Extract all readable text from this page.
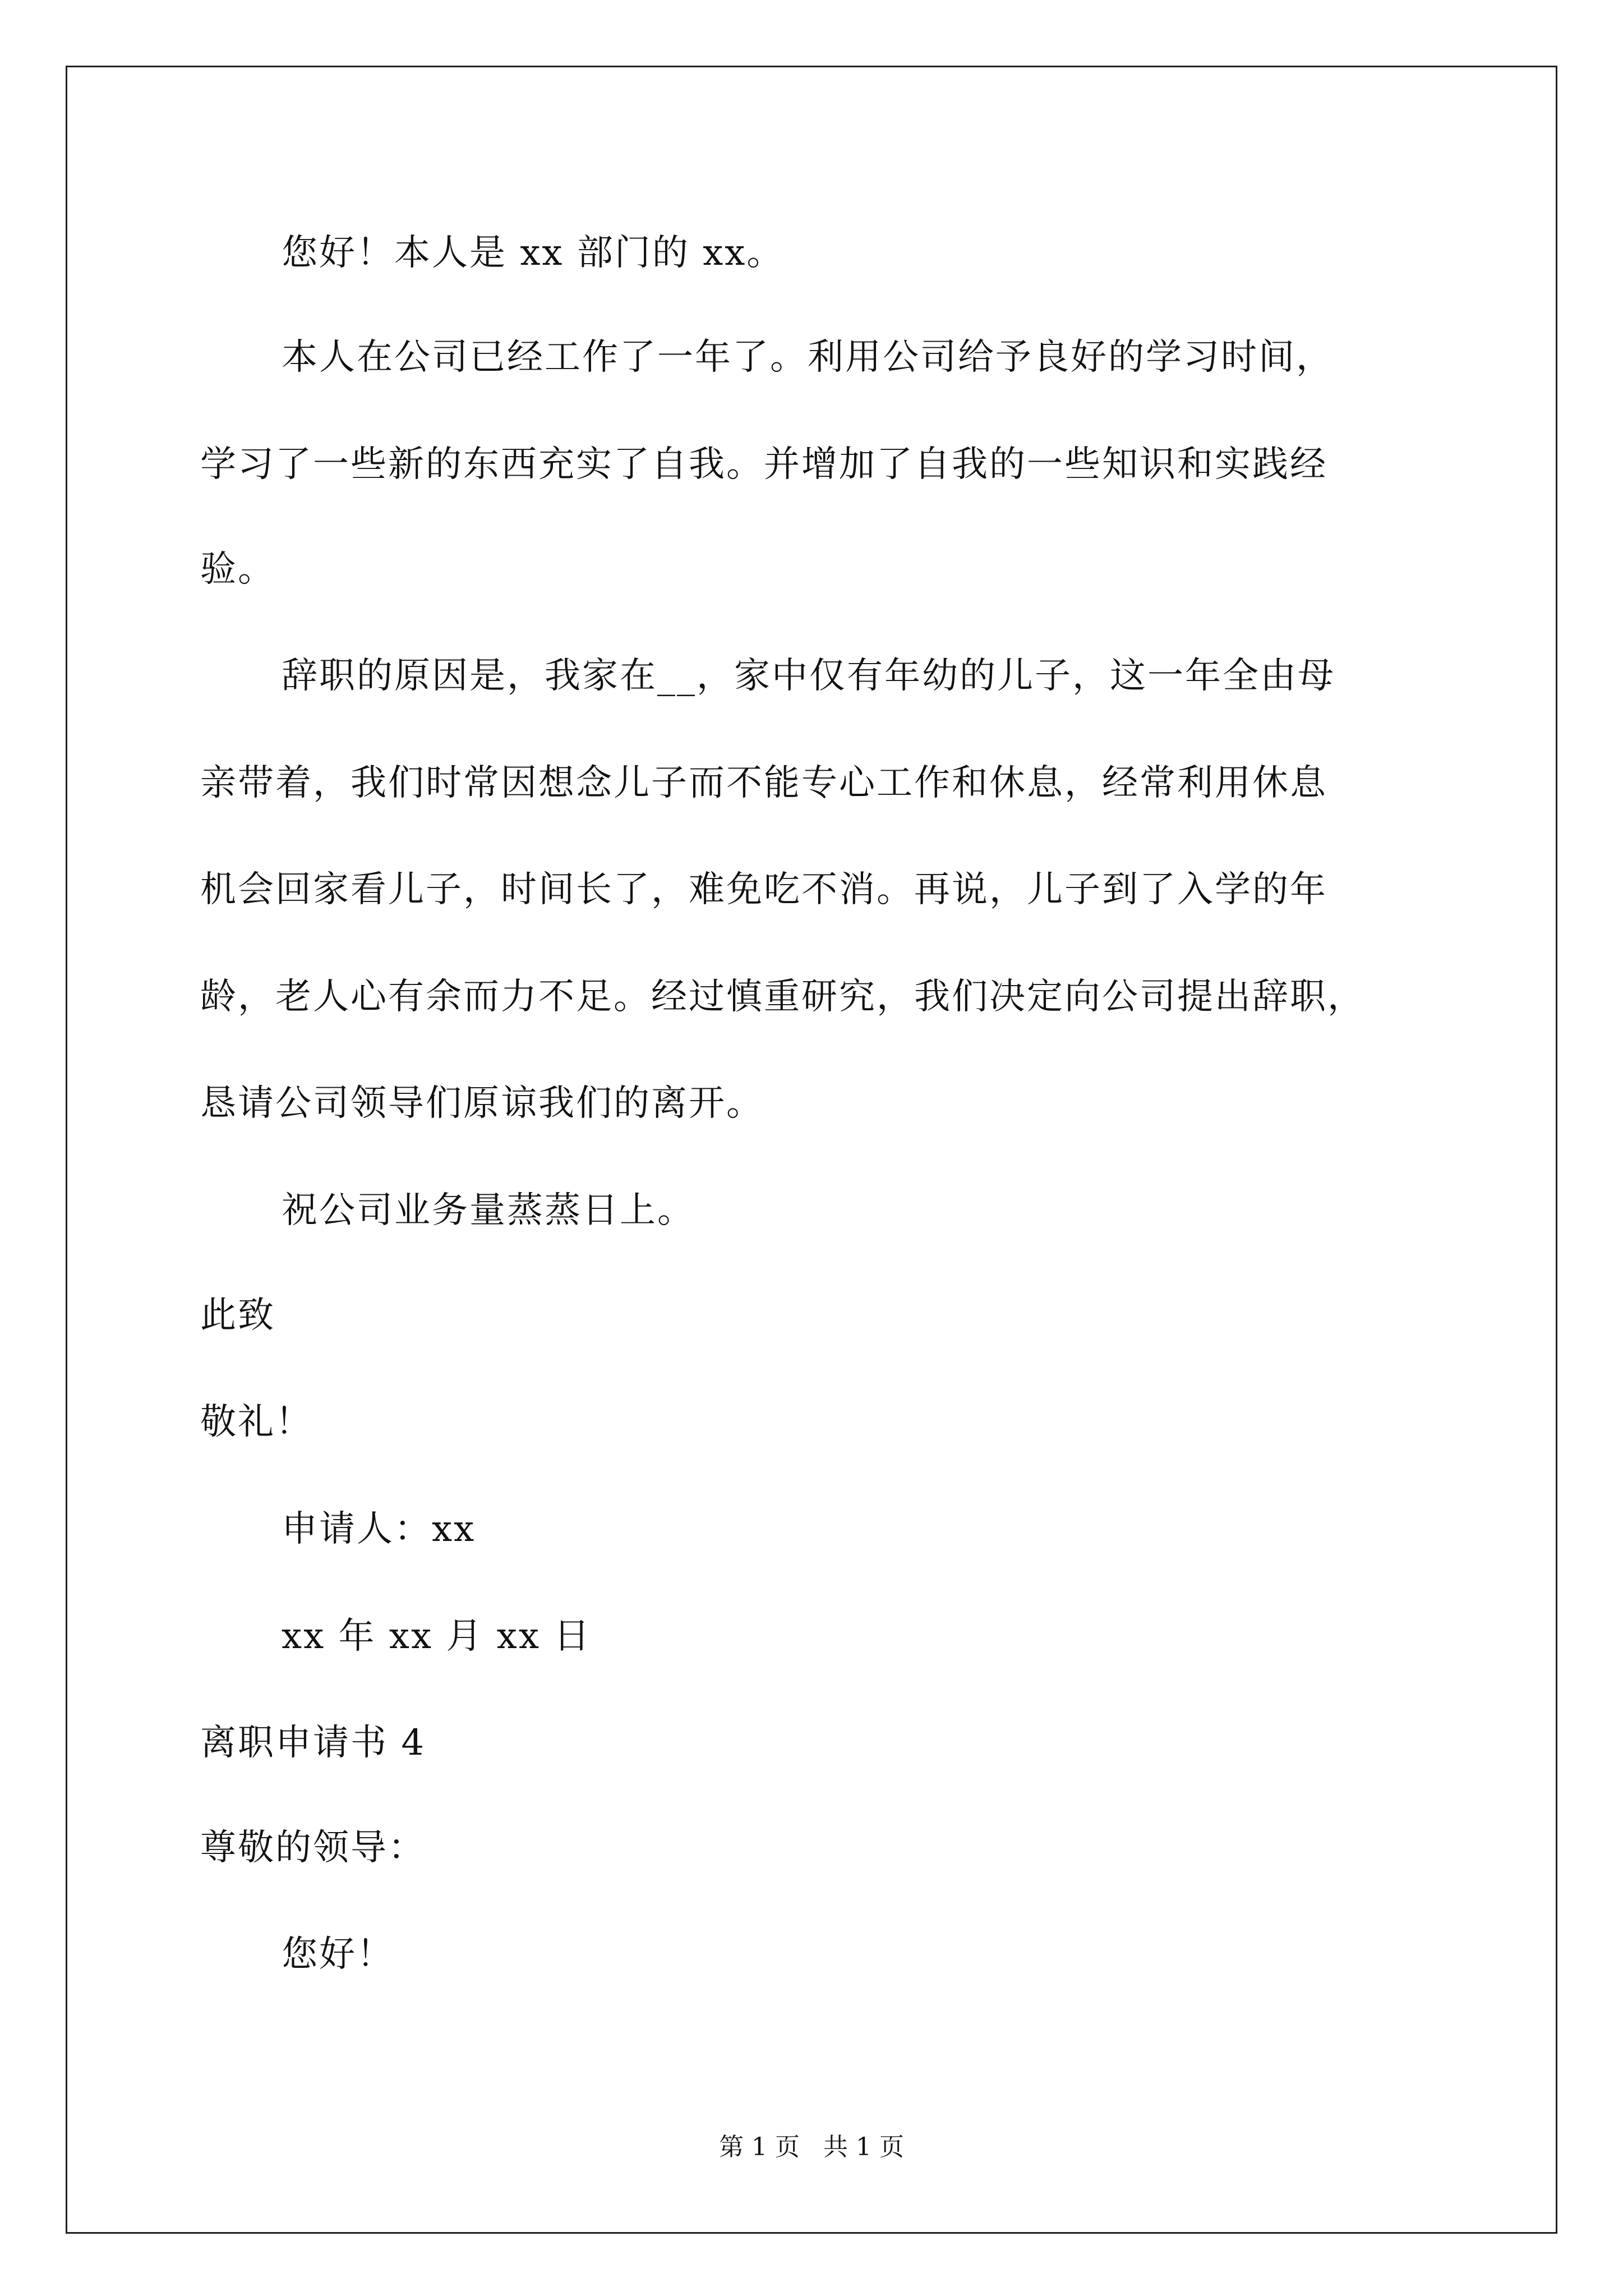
您好！本人是 xx 部门的 xx。
本人在公司已经工作了一年了。利用公司给予良好的学习时间，
学习了一些新的东西充实了自我。并增加了自我的一些知识和实践经
验。
辞职的原因是，我家在__，家中仅有年幼的儿子，这一年全由母
亲带着，我们时常因想念儿子而不能专心工作和休息，经常利用休息
机会回家看儿子，时间长了，难免吃不消。再说，儿子到了入学的年
龄，老人心有余而力不足。经过慎重研究，我们决定向公司提出辞职，
恳请公司领导们原谅我们的离开。
祝公司业务量蒸蒸日上。
此致
敬礼！
申请人：xx
xx 年 xx 月 xx 日
离职申请书 4
尊敬的领导：
您好！
第 1 页   共 1 页
